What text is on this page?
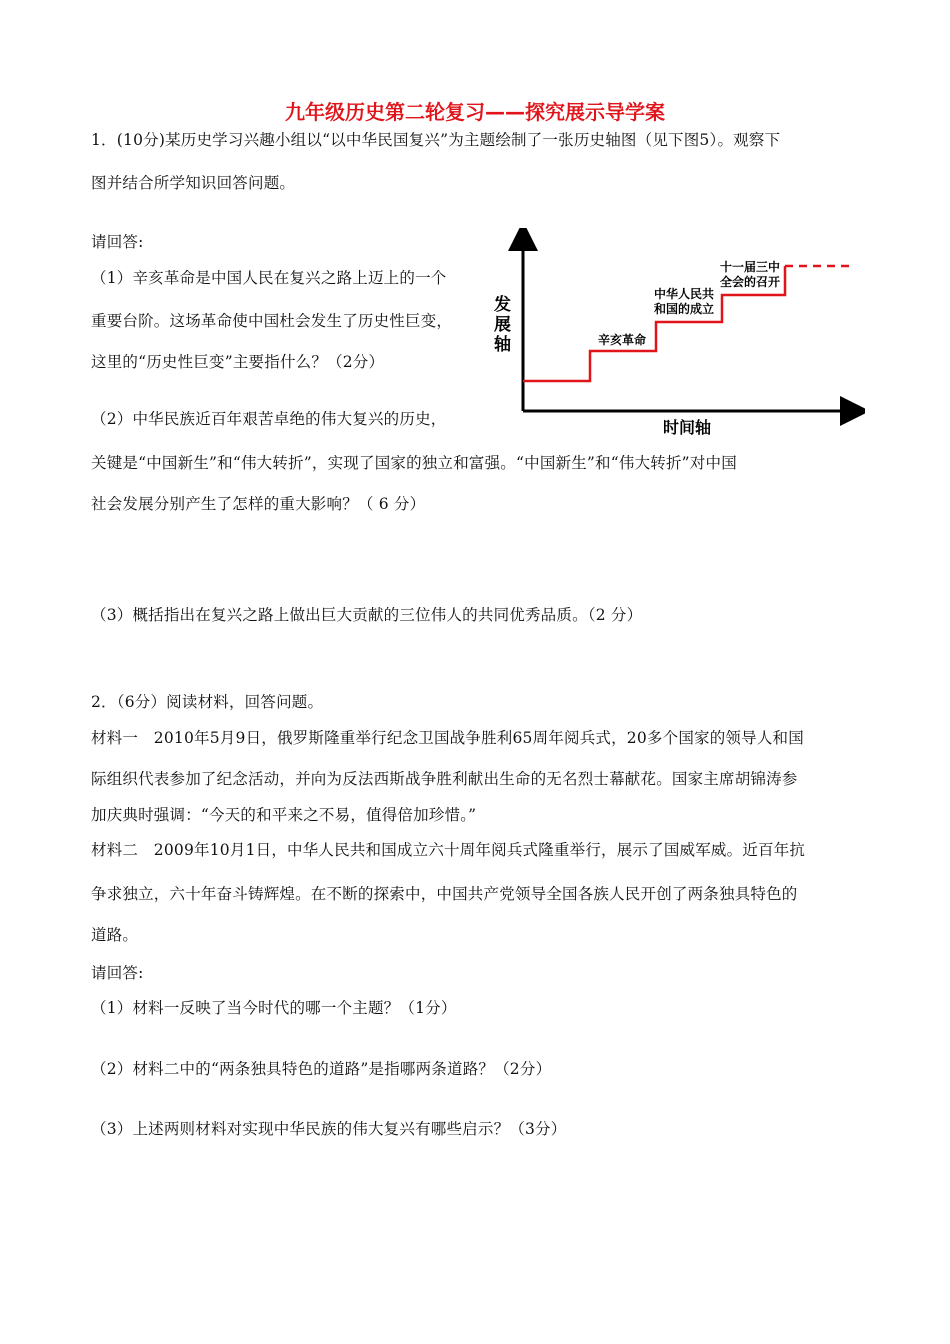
九年级历史第二轮复习——探究展示导学案
1．(10分)某历史学习兴趣小组以“以中华民国复兴”为主题绘制了一张历史轴图（见下图5）。观察下
图并结合所学知识回答问题。
请回答:
（1）辛亥革命是中国人民在复兴之路上迈上的一个
重要台阶。这场革命使中国杜会发生了历史性巨变，
这里的“历史性巨变”主要指什么？（2分）
（2）中华民族近百年艰苦卓绝的伟大复兴的历史，
关键是“中国新生”和“伟大转折”，实现了国家的独立和富强。“中国新生”和“伟大转折”对中国
社会发展分别产生了怎样的重大影响？（ 6 分）
（3）概括指出在复兴之路上做出巨大贡献的三位伟人的共同优秀品质。（2 分）
发
展
轴
时间轴
辛亥革命
中华人民共
和国的成立
十一届三中
全会的召开
2．（6分）阅读材料，回答问题。
材料一　2010年5月9日，俄罗斯隆重举行纪念卫国战争胜利65周年阅兵式，20多个国家的领导人和国
际组织代表参加了纪念活动，并向为反法西斯战争胜利献出生命的无名烈士幕献花。国家主席胡锦涛参
加庆典时强调：“今天的和平来之不易，值得倍加珍惜。”
材料二　2009年10月1日，中华人民共和国成立六十周年阅兵式隆重举行，展示了国威军威。近百年抗
争求独立，六十年奋斗铸辉煌。在不断的探索中，中国共产党领导全国各族人民开创了两条独具特色的
道路。
请回答:
（1）材料一反映了当今时代的哪一个主题？（1分）
（2）材料二中的“两条独具特色的道路”是指哪两条道路？（2分）
（3）上述两则材料对实现中华民族的伟大复兴有哪些启示？（3分）
